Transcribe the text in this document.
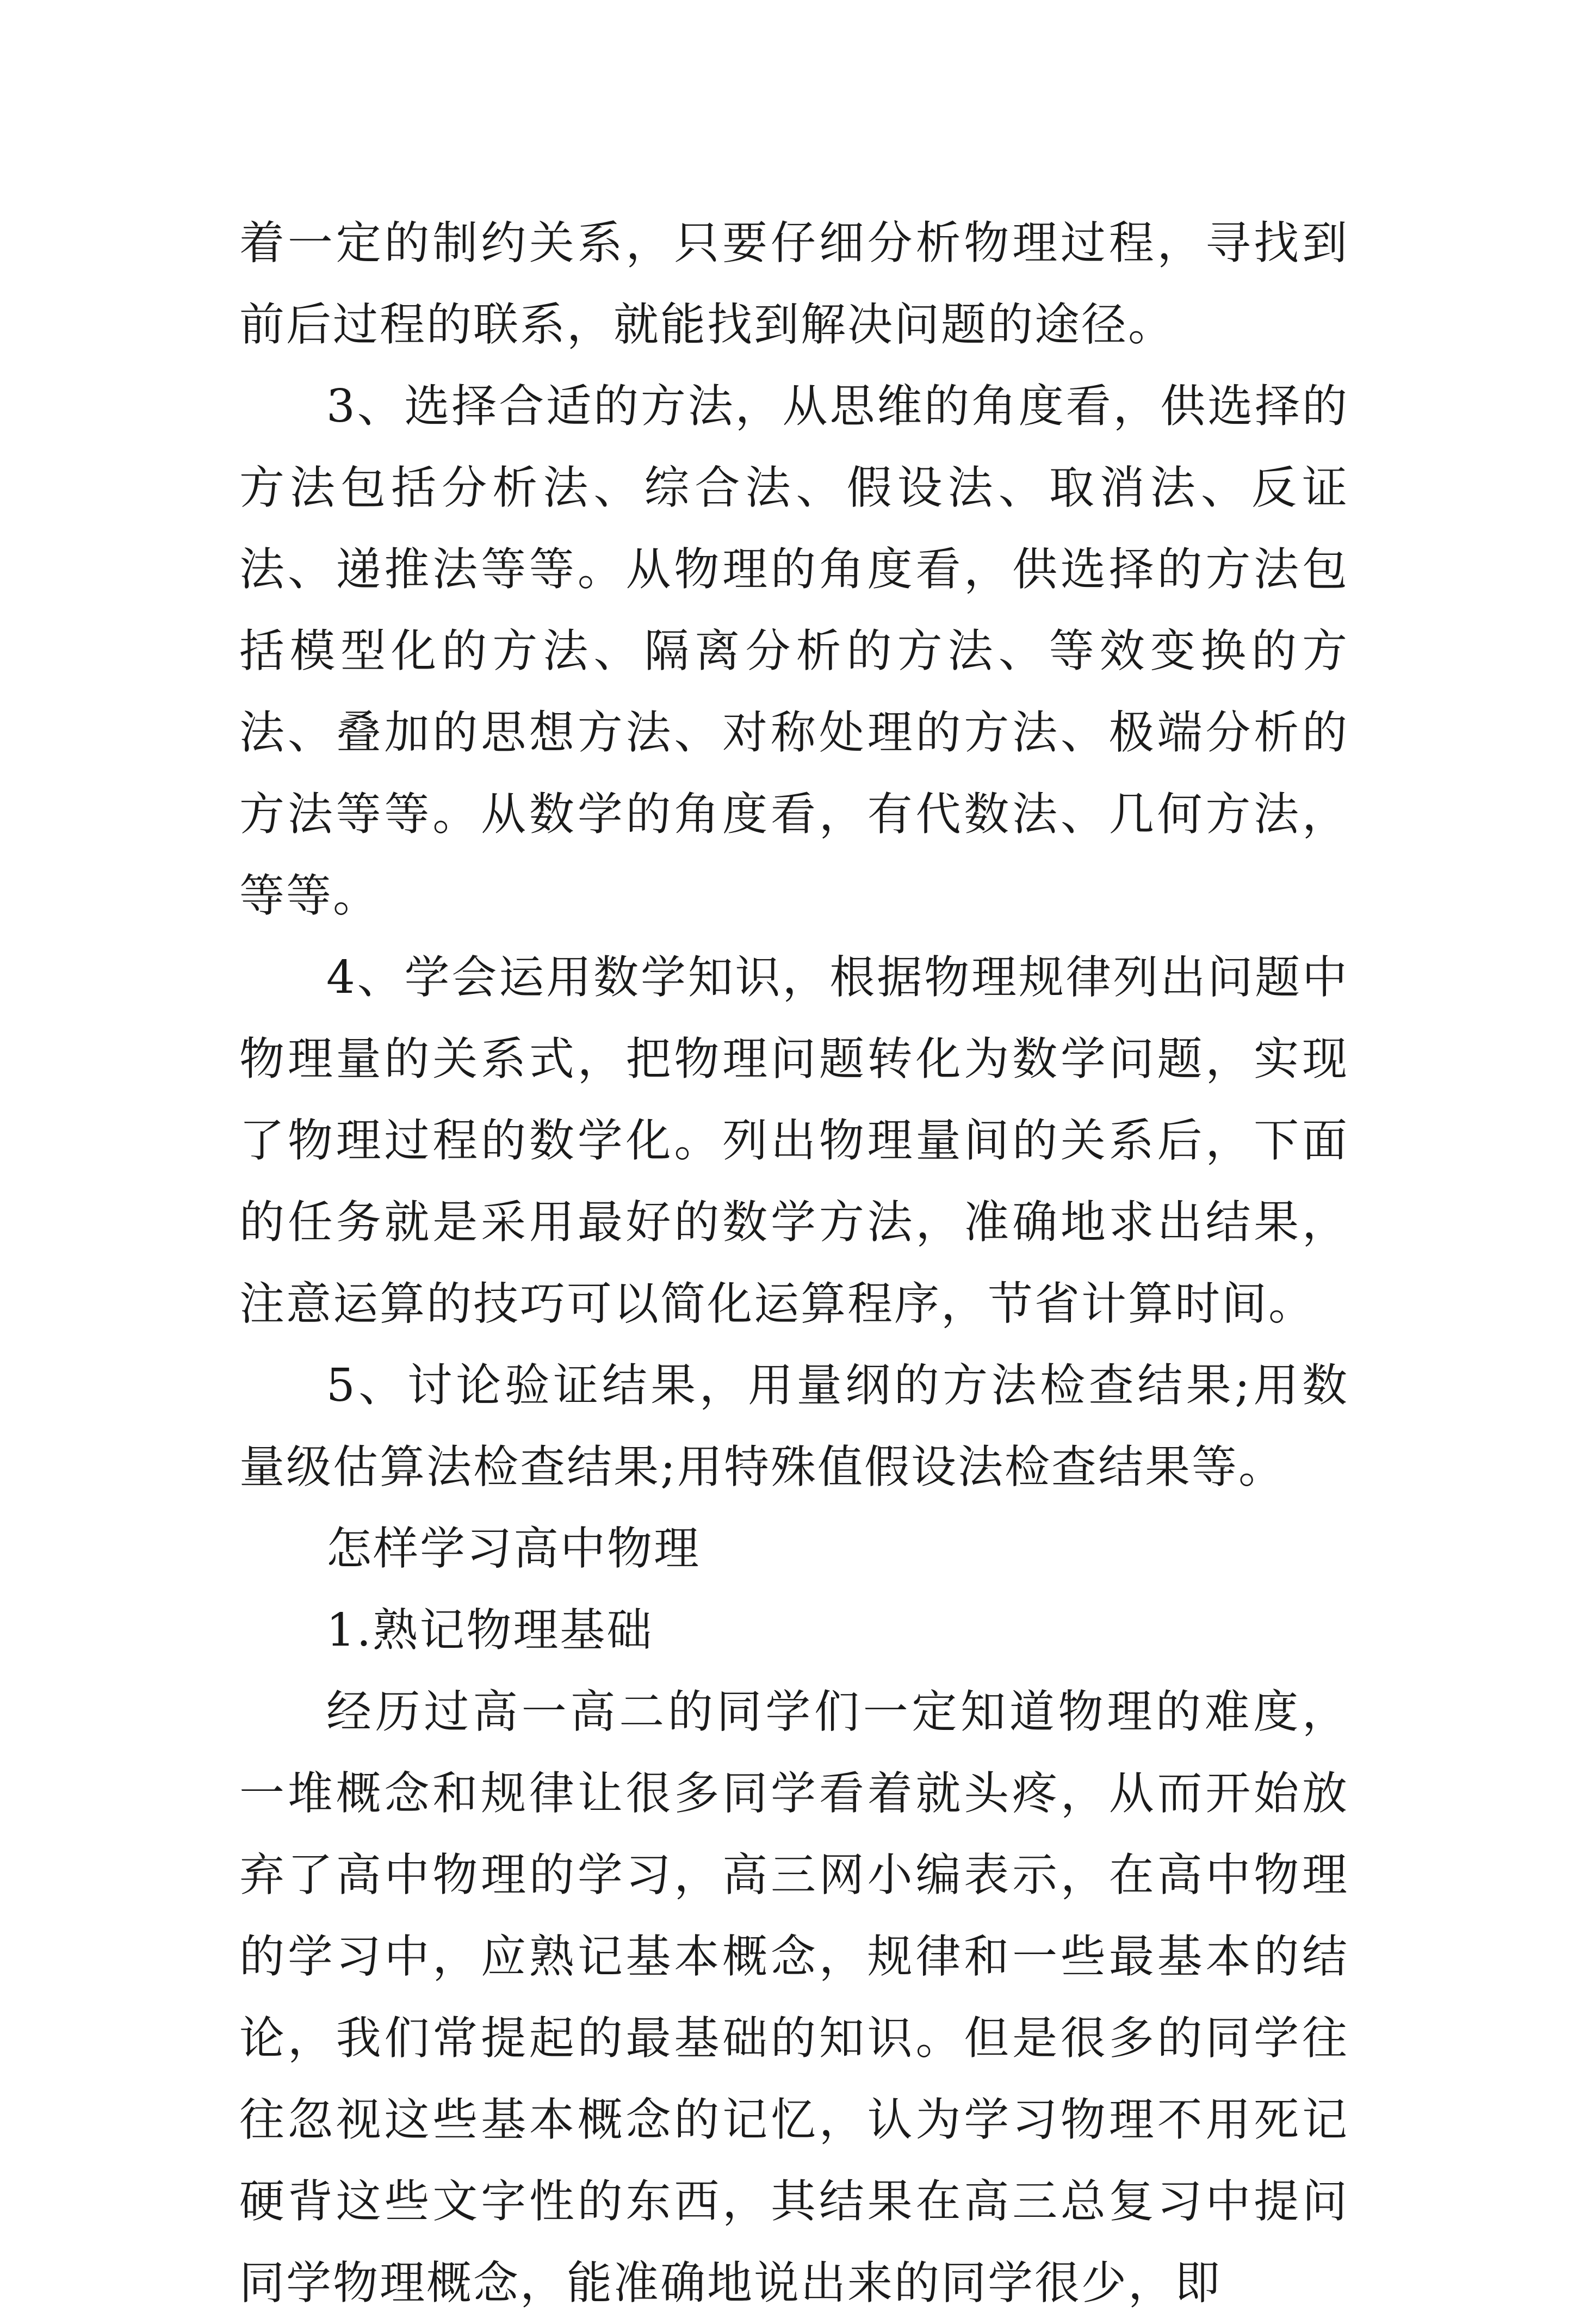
着一定的制约关系，只要仔细分析物理过程，寻找到前后过程的联系，就能找到解决问题的途径。

3、选择合适的方法，从思维的角度看，供选择的方法包括分析法、综合法、假设法、取消法、反证法、递推法等等。从物理的角度看，供选择的方法包括模型化的方法、隔离分析的方法、等效变换的方法、叠加的思想方法、对称处理的方法、极端分析的方法等等。从数学的角度看，有代数法、几何方法，等等。

4、学会运用数学知识，根据物理规律列出问题中物理量的关系式，把物理问题转化为数学问题，实现了物理过程的数学化。列出物理量间的关系后，下面的任务就是采用最好的数学方法，准确地求出结果，注意运算的技巧可以简化运算程序，节省计算时间。

5、讨论验证结果，用量纲的方法检查结果;用数量级估算法检查结果;用特殊值假设法检查结果等。

怎样学习高中物理

1.熟记物理基础

经历过高一高二的同学们一定知道物理的难度，一堆概念和规律让很多同学看着就头疼，从而开始放弃了高中物理的学习，高三网小编表示，在高中物理的学习中，应熟记基本概念，规律和一些最基本的结论，我们常提起的最基础的知识。但是很多的同学往往忽视这些基本概念的记忆，认为学习物理不用死记硬背这些文字性的东西，其结果在高三总复习中提问同学物理概念，能准确地说出来的同学很少，即
